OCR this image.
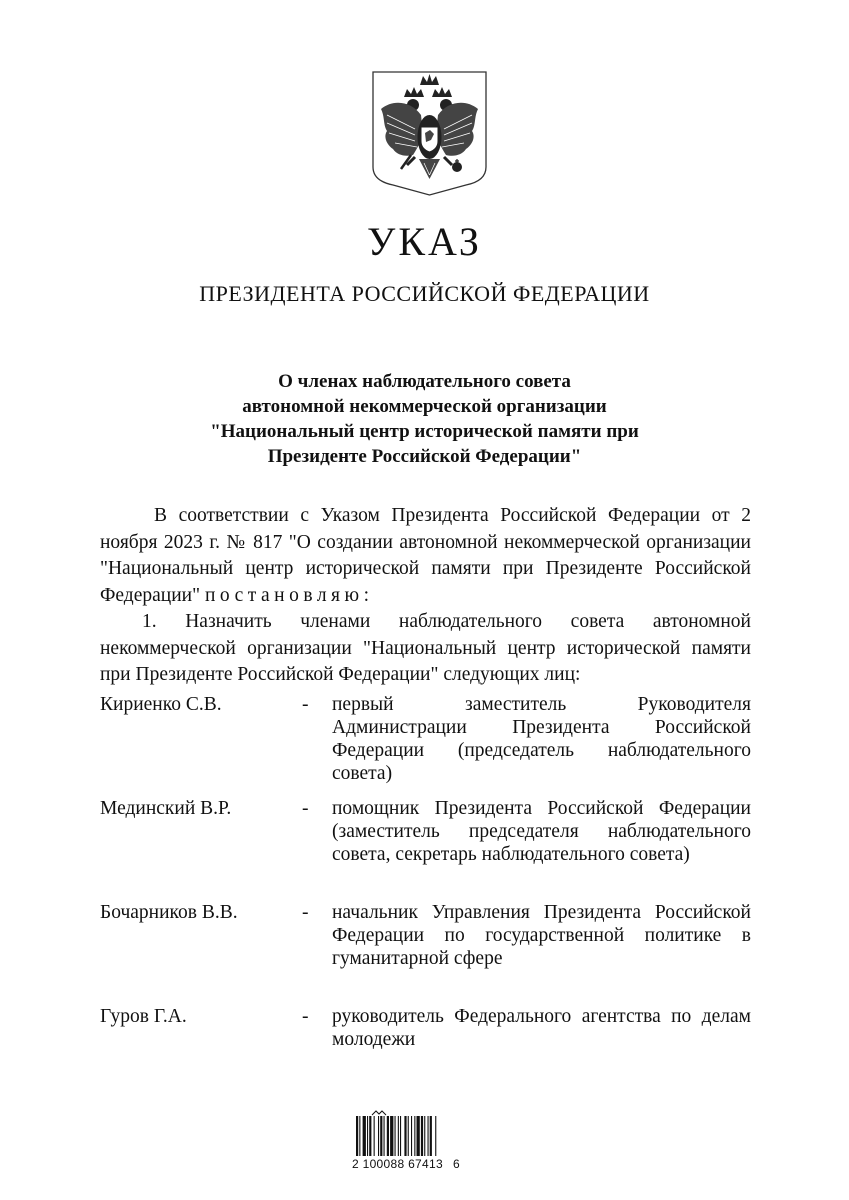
УКАЗ
ПРЕЗИДЕНТА РОССИЙСКОЙ ФЕДЕРАЦИИ
О членах наблюдательного совета
автономной некоммерческой организации
"Национальный центр исторической памяти при
Президенте Российской Федерации"

В соответствии с Указом Президента Российской Федерации от 2 ноября 2023 г. № 817 "О создании автономной некоммерческой организации "Национальный центр исторической памяти при Президенте Российской Федерации" постановляю:

1. Назначить членами наблюдательного совета автономной некоммерческой организации "Национальный центр исторической памяти при Президенте Российской Федерации" следующих лиц:

Кириенко С.В.	- первый заместитель Руководителя Администрации Президента Российской Федерации (председатель наблюдательного совета)
Мединский В.Р.	- помощник Президента Российской Федерации (заместитель председателя наблюдательного совета, секретарь наблюдательного совета)
Бочарников В.В.	- начальник Управления Президента Российской Федерации по государственной политике в гуманитарной сфере
Гуров Г.А.	- руководитель Федерального агентства по делам молодежи
2 100088 67413 6
